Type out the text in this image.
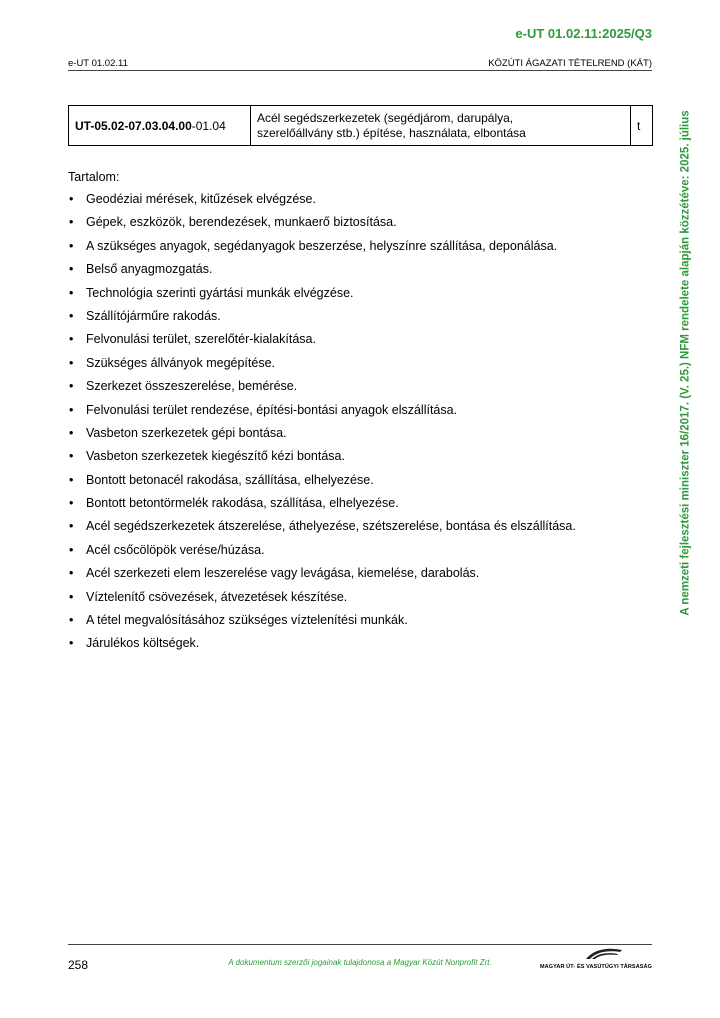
e-UT 01.02.11:2025/Q3
e-UT 01.02.11	KÖZÚTI ÁGAZATI TÉTELREND (KÁT)
A nemzeti fejlesztési miniszter 16/2017. (V. 25.) NFM rendelete alapján közzétéve: 2025. július
UT-05.02-07.03.04.00-01.04	
Acél segédszerkezetek (segédjárom, darupálya,
szerelőállvány stb.) építése, használata, elbontása	t
Tartalom:
• Geodéziai mérések, kitűzések elvégzése.
• Gépek, eszközök, berendezések, munkaerő biztosítása.
• A szükséges anyagok, segédanyagok beszerzése, helyszínre szállítása, deponálása.
• Belső anyagmozgatás.
• Technológia szerinti gyártási munkák elvégzése.
• Szállítójárműre rakodás.
• Felvonulási terület, szerelőtér-kialakítása.
• Szükséges állványok megépítése.
• Szerkezet összeszerelése, bemérése.
• Felvonulási terület rendezése, építési-bontási anyagok elszállítása.
• Vasbeton szerkezetek gépi bontása.
• Vasbeton szerkezetek kiegészítő kézi bontása.
• Bontott betonacél rakodása, szállítása, elhelyezése.
• Bontott betontörmelék rakodása, szállítása, elhelyezése.
• Acél segédszerkezetek átszerelése, áthelyezése, szétszerelése, bontása és elszállítása.
• Acél csőcölöpök verése/húzása.
• Acél szerkezeti elem leszerelése vagy levágása, kiemelése, darabolás.
• Víztelenítő csövezések, átvezetések készítése.
• A tétel megvalósításához szükséges víztelenítési munkák.
• Járulékos költségek.
258	A dokumentum szerzői jogainak tulajdonosa a Magyar Közút Nonprofit Zrt.	MAGYAR ÚT- ÉS VASÚTÜGYI TÁRSASÁG
